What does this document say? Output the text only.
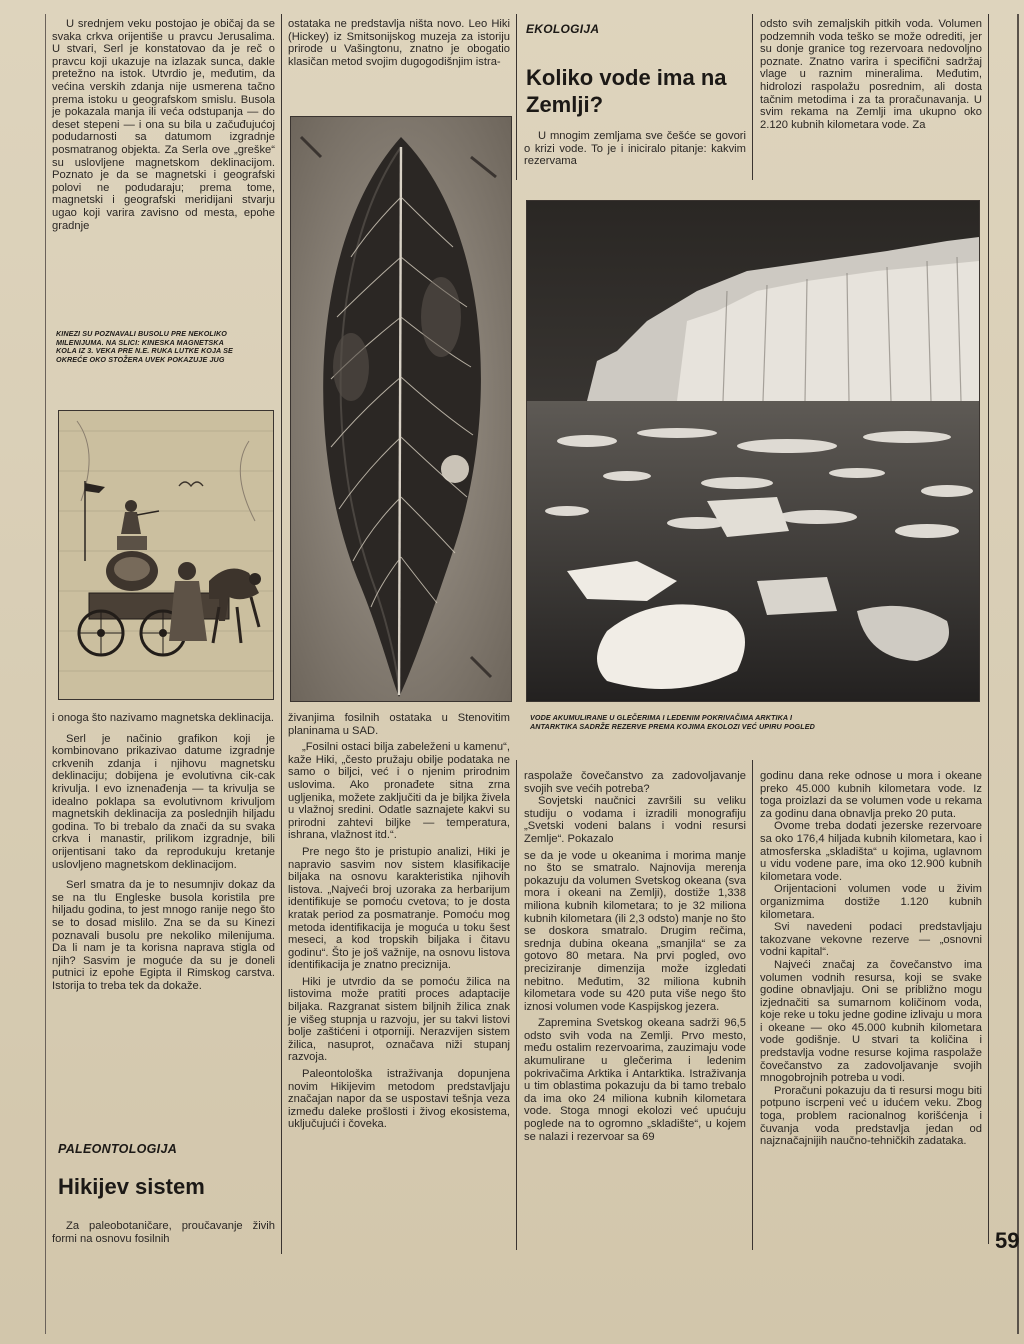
U srednjem veku postojao je običaj da se svaka crkva orijentiše u pravcu Jerusalima. U stvari, Serl je konstatovao da je reč o pravcu koji ukazuje na izlazak sunca, dakle pretežno na istok. Utvrdio je, međutim, da većina verskih zdanja nije usmerena tačno prema istoku u geografskom smislu. Busola je pokazala manja ili veća odstupanja — do deset stepeni — i ona su bila u začuđujućoj podudarnosti sa datumom izgradnje posmatranog objekta. Za Serla ove „greške“ su uslovljene magnetskom deklinacijom. Poznato je da se magnetski i geografski polovi ne podudaraju; prema tome, magnetski i geografski meridijani stvarju ugao koji varira zavisno od mesta, epohe gradnje

KINEZI SU POZNAVALI BUSOLU PRE NEKOLIKO MILENIJUMA. NA SLICI: KINESKA MAGNETSKA KOLA IZ 3. VEKA PRE N.E. RUKA LUTKE KOJA SE OKREĆE OKO STOŽERA UVEK POKAZUJE JUG

i onoga što nazivamo magnetska deklinacija.

Serl je načinio grafikon koji je kombinovano prikazivao datume izgradnje crkvenih zdanja i njihovu magnetsku deklinaciju; dobijena je evolutivna cik-cak krivulja. I evo iznenađenja — ta krivulja se idealno poklapa sa evolutivnom krivuljom magnetskih deklinacija za poslednjih hiljadu godina. To bi trebalo da znači da su svaka crkva i manastir, prilikom izgradnje, bili orijentisani tako da reprodukuju kretanje uslovljeno magnetskom deklinacijom.

Serl smatra da je to nesumnjiv dokaz da se na tlu Engleske busola koristila pre hiljadu godina, to jest mnogo ranije nego što se to dosad mislilo. Zna se da su Kinezi poznavali busolu pre nekoliko milenijuma. Da li nam je ta korisna naprava stigla od njih? Sasvim je moguće da su je doneli putnici iz epohe Egipta il Rimskog carstva. Istorija to treba tek da dokaže.

PALEONTOLOGIJA
Hikijev sistem

Za paleobotaničare, proučavanje živih formi na osnovu fosilnih

ostataka ne predstavlja ništa novo. Leo Hiki (Hickey) iz Smitsonijskog muzeja za istoriju prirode u Vašingtonu, znatno je obogatio klasičan metod svojim dugogodišnjim istra-

živanjima fosilnih ostataka u Stenovitim planinama u SAD.

„Fosilni ostaci bilja zabeleženi u kamenu“, kaže Hiki, „često pružaju obilje podataka ne samo o biljci, već i o njenim prirodnim uslovima. Ako pronađete sitna zrna ugljenika, možete zaključiti da je biljka živela u vlažnoj sredini. Odatle saznajete kakvi su prirodni zahtevi biljke — temperatura, ishrana, vlažnost itd.“.

Pre nego što je pristupio analizi, Hiki je napravio sasvim nov sistem klasifikacije biljaka na osnovu karakteristika njihovih listova. „Najveći broj uzoraka za herbarijum identifikuje se pomoću cvetova; to je dosta kratak period za posmatranje. Pomoću mog metoda identifikacija je moguća u toku šest meseci, a kod tropskih biljaka i čitavu godinu“. Što je još važnije, na osnovu listova identifikacija je znatno preciznija.

Hiki je utvrdio da se pomoću žilica na listovima može pratiti proces adaptacije biljaka. Razgranat sistem biljnih žilica znak je višeg stupnja u razvoju, jer su takvi listovi bolje zaštićeni i otporniji. Nerazvijen sistem žilica, nasuprot, označava niži stupanj razvoja.

Paleontološka istraživanja dopunjena novim Hikijevim metodom predstavljaju značajan napor da se uspostavi tešnja veza između daleke prošlosti i živog ekosistema, uključujući i čoveka.

EKOLOGIJA
Koliko vode ima na
Zemlji?

U mnogim zemljama sve češće se govori o krizi vode. To je i iniciralo pitanje: kakvim rezervama

odsto svih zemaljskih pitkih voda. Volumen podzemnih voda teško se može odrediti, jer su donje granice tog rezervoara nedovoljno poznate. Znatno varira i specifični sadržaj vlage u raznim mineralima. Međutim, hidrolozi raspolažu posrednim, ali dosta tačnim metodima i za ta proračunavanja. U svim rekama na Zemlji ima ukupno oko 2.120 kubnih kilometara vode. Za

VODE AKUMULIRANE U GLEČERIMA I LEDENIM POKRIVAČIMA ARKTIKA I ANTARKTIKA SADRŽE REZERVE PREMA KOJIMA EKOLOZI VEĆ UPIRU POGLED

raspolaže čovečanstvo za zadovoljavanje svojih sve većih potreba?

Sovjetski naučnici završili su veliku studiju o vodama i izradili monografiju „Svetski vodeni balans i vodni resursi Zemlje“. Pokazalo

se da je vode u okeanima i morima manje no što se smatralo. Najnovija merenja pokazuju da volumen Svetskog okeana (sva mora i okeani na Zemlji), dostiže 1,338 miliona kubnih kilometara; to je 32 miliona kubnih kilometara (ili 2,3 odsto) manje no što se doskora smatralo. Drugim rečima, srednja dubina okeana „smanjila“ se za gotovo 80 metara. Na prvi pogled, ovo preciziranje dimenzija može izgledati nebitno. Međutim, 32 miliona kubnih kilometara vode su 420 puta više nego što iznosi volumen vode Kaspijskog jezera.

Zapremina Svetskog okeana sadrži 96,5 odsto svih voda na Zemlji. Prvo mesto, među ostalim rezervoarima, zauzimaju vode akumulirane u glečerima i ledenim pokrivačima Arktika i Antarktika. Istraživanja u tim oblastima pokazuju da bi tamo trebalo da ima oko 24 miliona kubnih kilometara vode. Stoga mnogi ekolozi već upućuju poglede na to ogromno „skladište“, u kojem se nalazi i rezervoar sa 69

godinu dana reke odnose u mora i okeane preko 45.000 kubnih kilometara vode. Iz toga proizlazi da se volumen vode u rekama za godinu dana obnavlja preko 20 puta.

Ovome treba dodati jezerske rezervoare sa oko 176,4 hiljada kubnih kilometara, kao i atmosferska „skladišta“ u kojima, uglavnom u vidu vodene pare, ima oko 12.900 kubnih kilometara vode.

Orijentacioni volumen vode u živim organizmima dostiže 1.120 kubnih kilometara.

Svi navedeni podaci predstavljaju takozvane vekovne rezerve — „osnovni vodni kapital“.

Najveći značaj za čovečanstvo ima volumen vodnih resursa, koji se svake godine obnavljaju. Oni se približno mogu izjednačiti sa sumarnom količinom voda, koje reke u toku jedne godine izlivaju u mora i okeane — oko 45.000 kubnih kilometara vode godišnje. U stvari ta količina i predstavlja vodne resurse kojima raspolaže čovečanstvo za zadovoljavanje svojih mnogobrojnih potreba u vodi.

Proračuni pokazuju da ti resursi mogu biti potpuno iscrpeni već u idućem veku. Zbog toga, problem racionalnog korišćenja i čuvanja voda predstavlja jedan od najznačajnijih naučno-tehničkih zadataka.

59
